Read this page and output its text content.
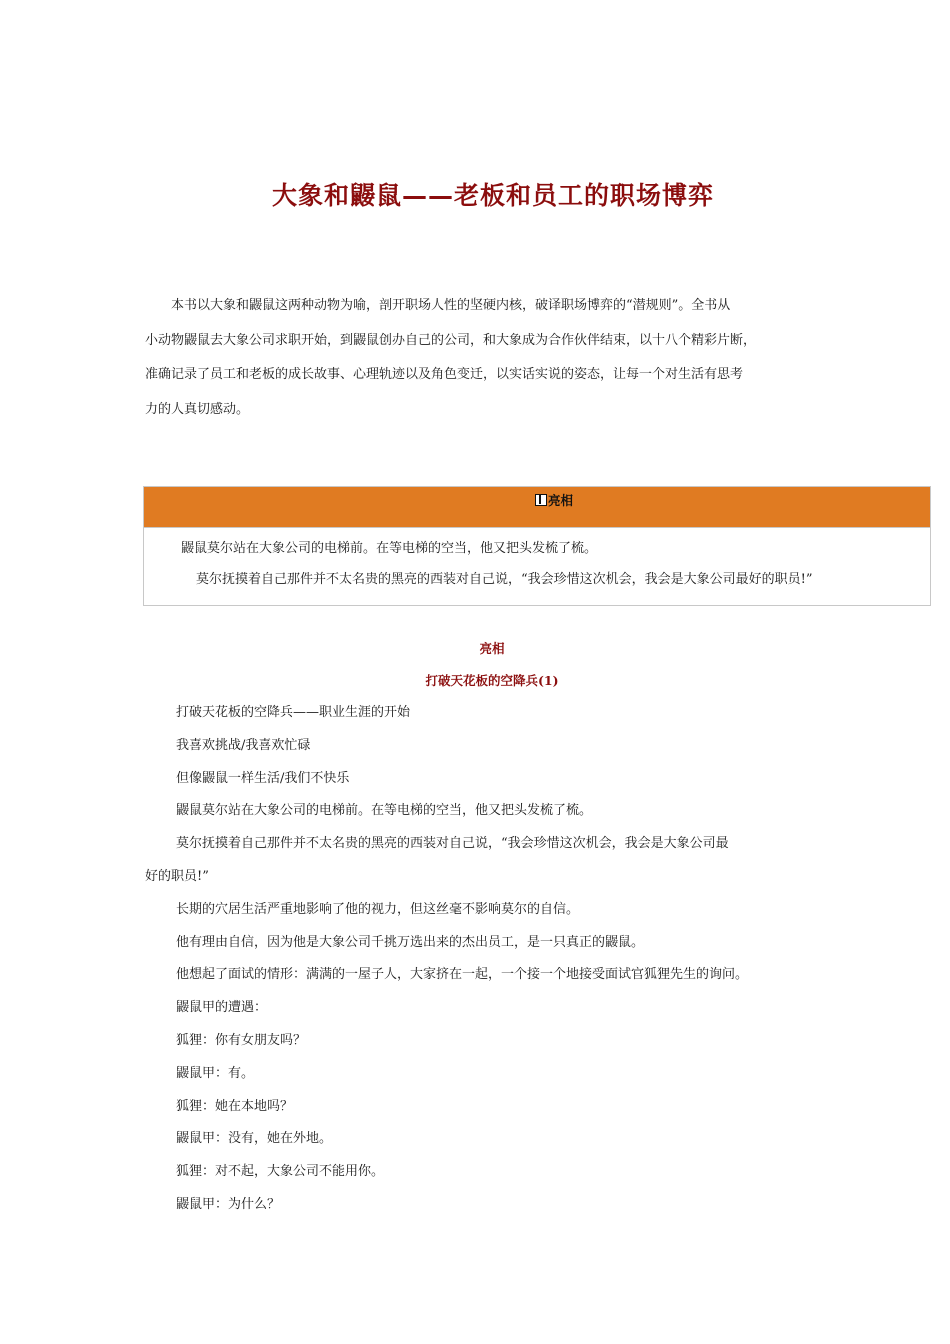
大象和鼹鼠——老板和员工的职场博弈
本书以大象和鼹鼠这两种动物为喻，剖开职场人性的坚硬内核，破译职场博弈的“潜规则”。全书从
小动物鼹鼠去大象公司求职开始，到鼹鼠创办自己的公司，和大象成为合作伙伴结束，以十八个精彩片断，
准确记录了员工和老板的成长故事、心理轨迹以及角色变迁，以实话实说的姿态，让每一个对生活有思考
力的人真切感动。
亮相
鼹鼠莫尔站在大象公司的电梯前。在等电梯的空当，他又把头发梳了梳。
莫尔抚摸着自己那件并不太名贵的黑亮的西装对自己说，“我会珍惜这次机会，我会是大象公司最好的职员!”
亮相
打破天花板的空降兵(1)
打破天花板的空降兵——职业生涯的开始
我喜欢挑战/我喜欢忙碌
但像鼹鼠一样生活/我们不快乐
鼹鼠莫尔站在大象公司的电梯前。在等电梯的空当，他又把头发梳了梳。
莫尔抚摸着自己那件并不太名贵的黑亮的西装对自己说，“我会珍惜这次机会，我会是大象公司最
好的职员!”
长期的穴居生活严重地影响了他的视力，但这丝毫不影响莫尔的自信。
他有理由自信，因为他是大象公司千挑万选出来的杰出员工，是一只真正的鼹鼠。
他想起了面试的情形：满满的一屋子人，大家挤在一起，一个接一个地接受面试官狐狸先生的询问。
鼹鼠甲的遭遇：
狐狸：你有女朋友吗？
鼹鼠甲：有。
狐狸：她在本地吗？
鼹鼠甲：没有，她在外地。
狐狸：对不起，大象公司不能用你。
鼹鼠甲：为什么？
